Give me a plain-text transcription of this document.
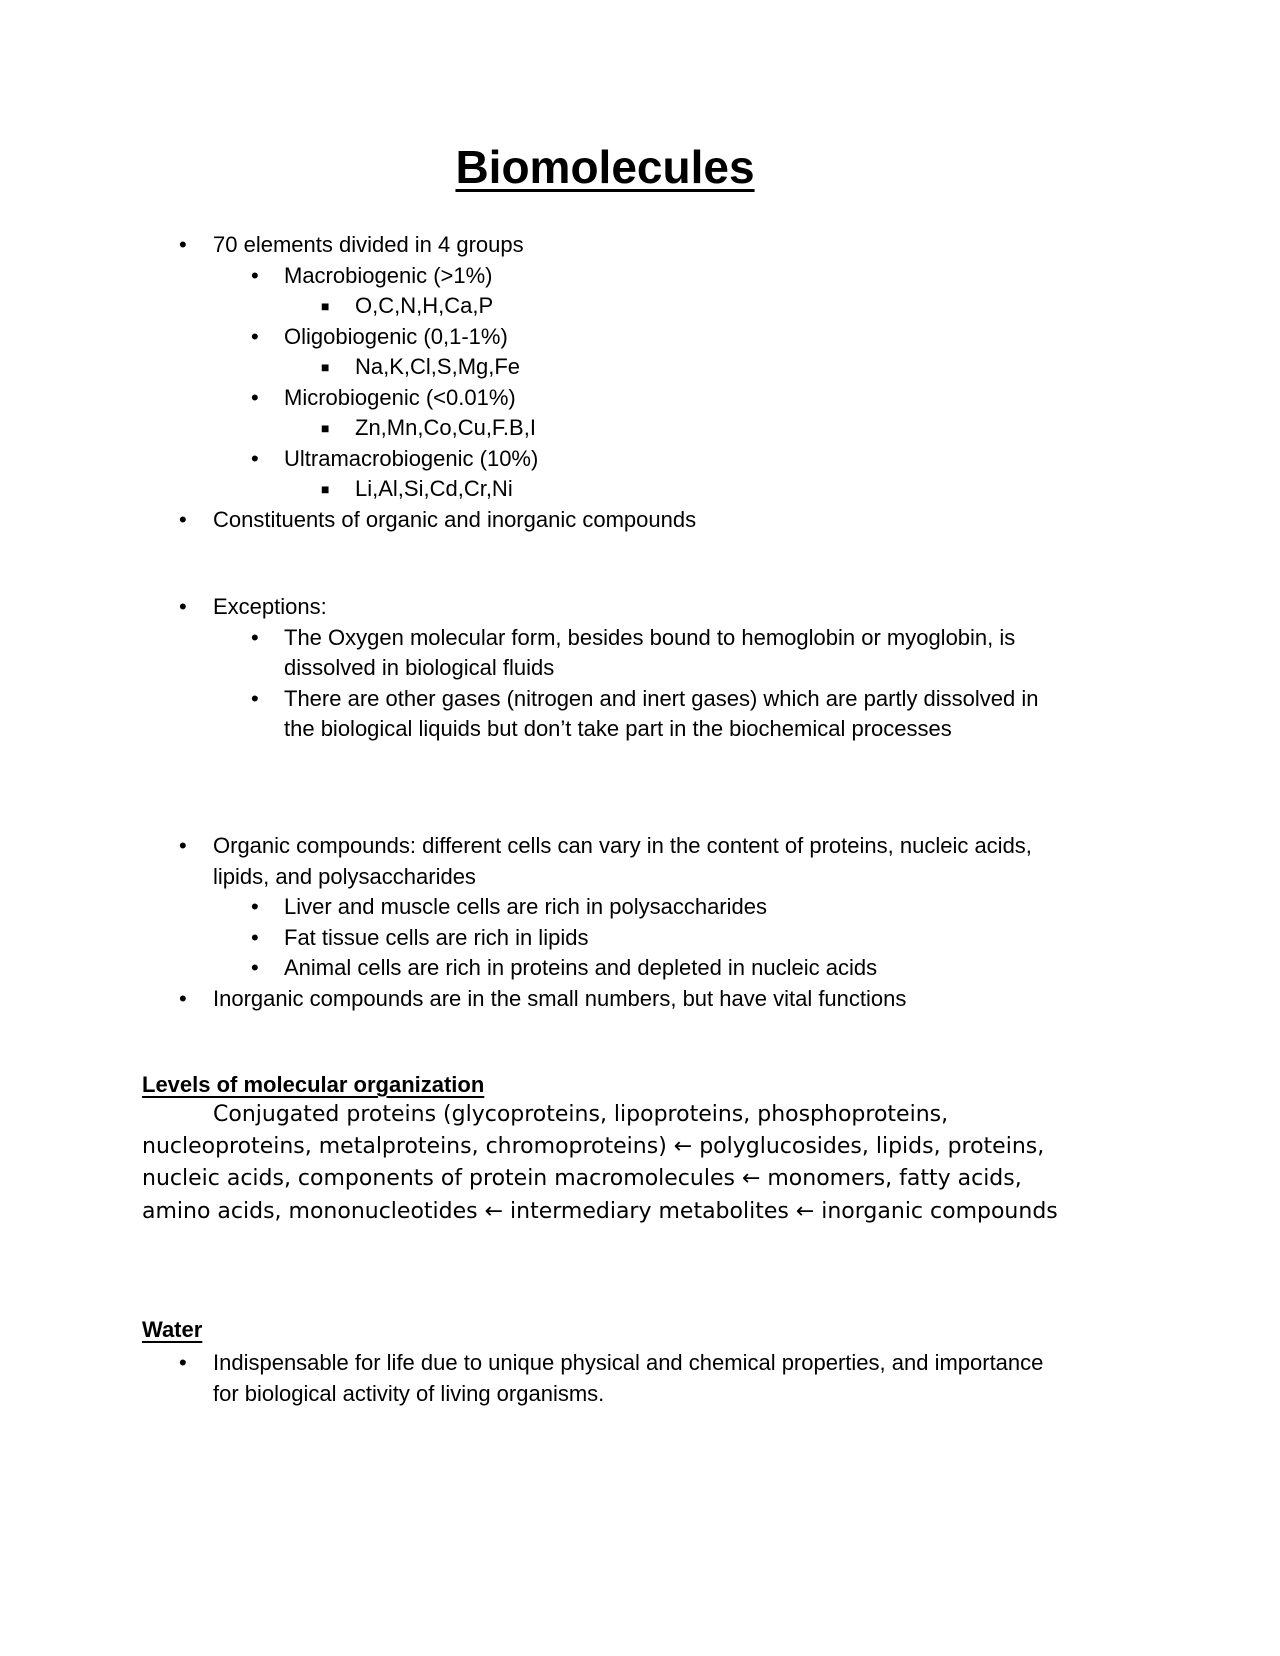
Biomolecules
• 70 elements divided in 4 groups
• Macrobiogenic (>1%)
■ O,C,N,H,Ca,P
• Oligobiogenic (0,1-1%)
■ Na,K,Cl,S,Mg,Fe
• Microbiogenic (<0.01%)
■ Zn,Mn,Co,Cu,F.B,I
• Ultramacrobiogenic (10%)
■ Li,Al,Si,Cd,Cr,Ni
• Constituents of organic and inorganic compounds
• Exceptions:
• The Oxygen molecular form, besides bound to hemoglobin or myoglobin, is dissolved in biological fluids
• There are other gases (nitrogen and inert gases) which are partly dissolved in the biological liquids but don’t take part in the biochemical processes
• Organic compounds: different cells can vary in the content of proteins, nucleic acids, lipids, and polysaccharides
• Liver and muscle cells are rich in polysaccharides
• Fat tissue cells are rich in lipids
• Animal cells are rich in proteins and depleted in nucleic acids
• Inorganic compounds are in the small numbers, but have vital functions
Levels of molecular organization
Conjugated proteins (glycoproteins, lipoproteins, phosphoproteins, nucleoproteins, metalproteins, chromoproteins) ← polyglucosides, lipids, proteins, nucleic acids, components of protein macromolecules ← monomers, fatty acids, amino acids, mononucleotides ← intermediary metabolites ← inorganic compounds
Water
• Indispensable for life due to unique physical and chemical properties, and importance for biological activity of living organisms.
